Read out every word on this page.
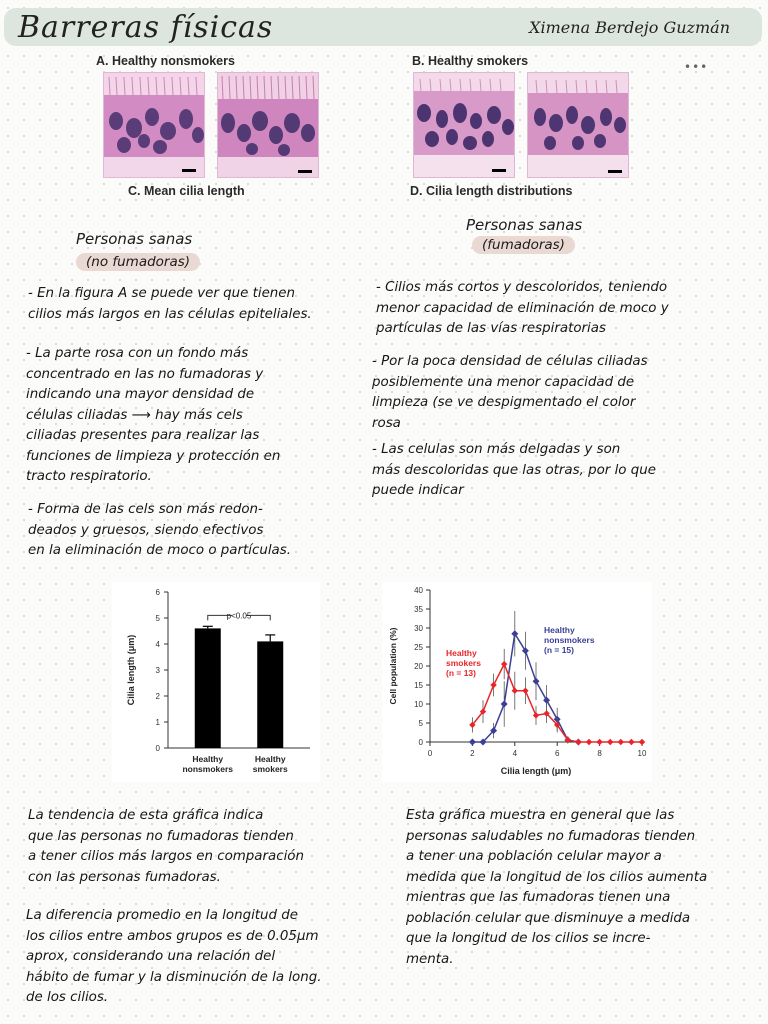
Barreras físicas	Ximena Berdejo Guzmán
A. Healthy nonsmokers	B. Healthy smokers
C. Mean cilia length	D. Cilia length distributions
•••
Personas sanas
(no fumadoras)
- En la figura A se puede ver que tienen
cilios más largos en las células epiteliales.
- La parte rosa con un fondo más
concentrado en las no fumadoras y
indicando una mayor densidad de
células ciliadas ⟶ hay más cels
ciliadas presentes para realizar las
funciones de limpieza y protección en
tracto respiratorio.
- Forma de las cels son más redon-
deados y gruesos, siendo efectivos
en la eliminación de moco o partículas.
Personas sanas
(fumadoras)
- Cilios más cortos y descoloridos, teniendo
menor capacidad de eliminación de moco y
partículas de las vías respiratorias
- Por la poca densidad de células ciliadas
posiblemente una menor capacidad de
limpieza (se ve despigmentado el color
rosa
- Las celulas son más delgadas y son
más descoloridas que las otras, por lo que
puede indicar
0
1
2
3
4
5
6
Cilia length (μm)
Healthy nonsmokers
Healthy smokers
p<0.05
0
5
10
15
20
25
30
35
40
0	2	4	6	8	10
Cilia length (μm)
Cell population (%)	Healthy nonsmokers (n = 15)
Healthy smokers (n = 13)
La tendencia de esta gráfica indica
que las personas no fumadoras tienden
a tener cilios más largos en comparación
con las personas fumadoras.
La diferencia promedio en la longitud de
los cilios entre ambos grupos es de 0.05μm
aprox, considerando una relación del
hábito de fumar y la disminución de la long.
de los cilios.
Esta gráfica muestra en general que las
personas saludables no fumadoras tienden
a tener una población celular mayor a
medida que la longitud de los cilios aumenta
mientras que las fumadoras tienen una
población celular que disminuye a medida
que la longitud de los cilios se incre-
menta.
